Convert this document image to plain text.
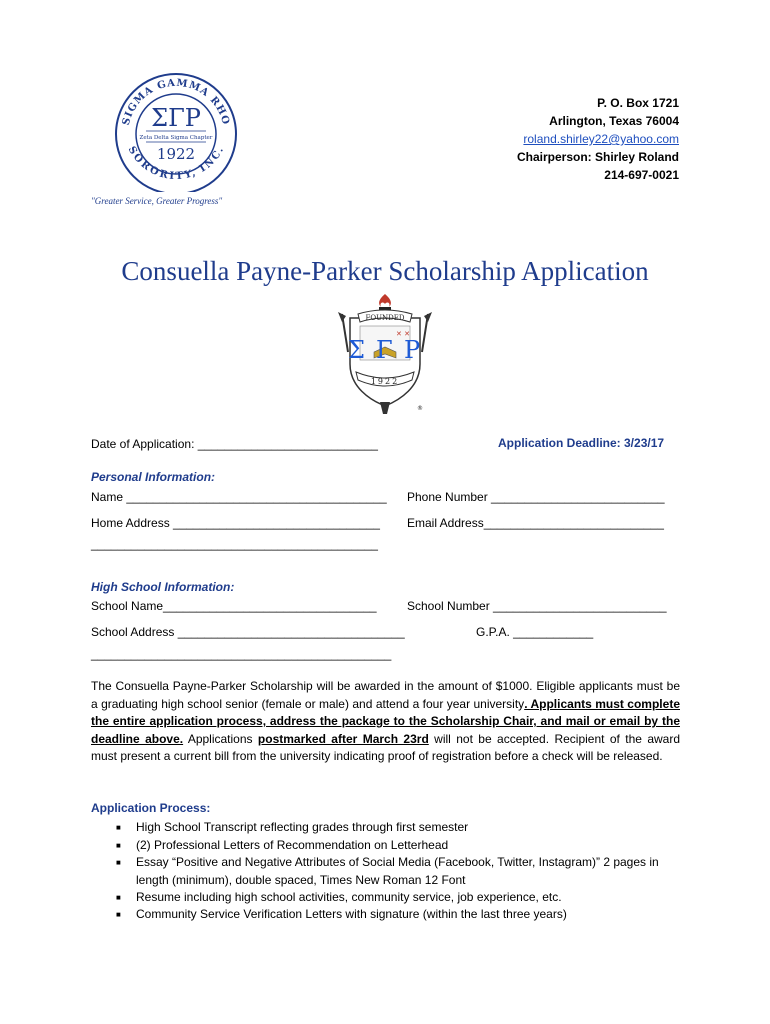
SIGMA GAMMA RHO
SORORITY, INC.
ΣΓΡ
Zeta Delta Sigma Chapter
1922
"Greater Service, Greater Progress"
P. O. Box 1721
Arlington, Texas 76004
roland.shirley22@yahoo.com
Chairperson: Shirley Roland
214-697-0021
Consuella Payne-Parker Scholarship Application
FOUNDED
✕ ✕
Σ Γ Ρ
1922
®
Date of Application: ___________________________	Application Deadline: 3/23/17
Personal Information:
Name _______________________________________ Phone Number __________________________
Home Address _______________________________ Email Address___________________________
___________________________________________
High School Information:
School Name________________________________	School Number __________________________
School Address __________________________________	G.P.A. ____________
_____________________________________________
The Consuella Payne-Parker Scholarship will be awarded in the amount of $1000. Eligible applicants must be a graduating high school senior (female or male) and attend a four year university. Applicants must complete the entire application process, address the package to the Scholarship Chair, and mail or email by the deadline above. Applications postmarked after March 23rd will not be accepted. Recipient of the award must present a current bill from the university indicating proof of registration before a check will be released.
Application Process:
■ High School Transcript reflecting grades through first semester
■ (2) Professional Letters of Recommendation on Letterhead
■ Essay “Positive and Negative Attributes of Social Media (Facebook, Twitter, Instagram)” 2 pages in length (minimum), double spaced, Times New Roman 12 Font
■ Resume including high school activities, community service, job experience, etc.
■ Community Service Verification Letters with signature (within the last three years)
